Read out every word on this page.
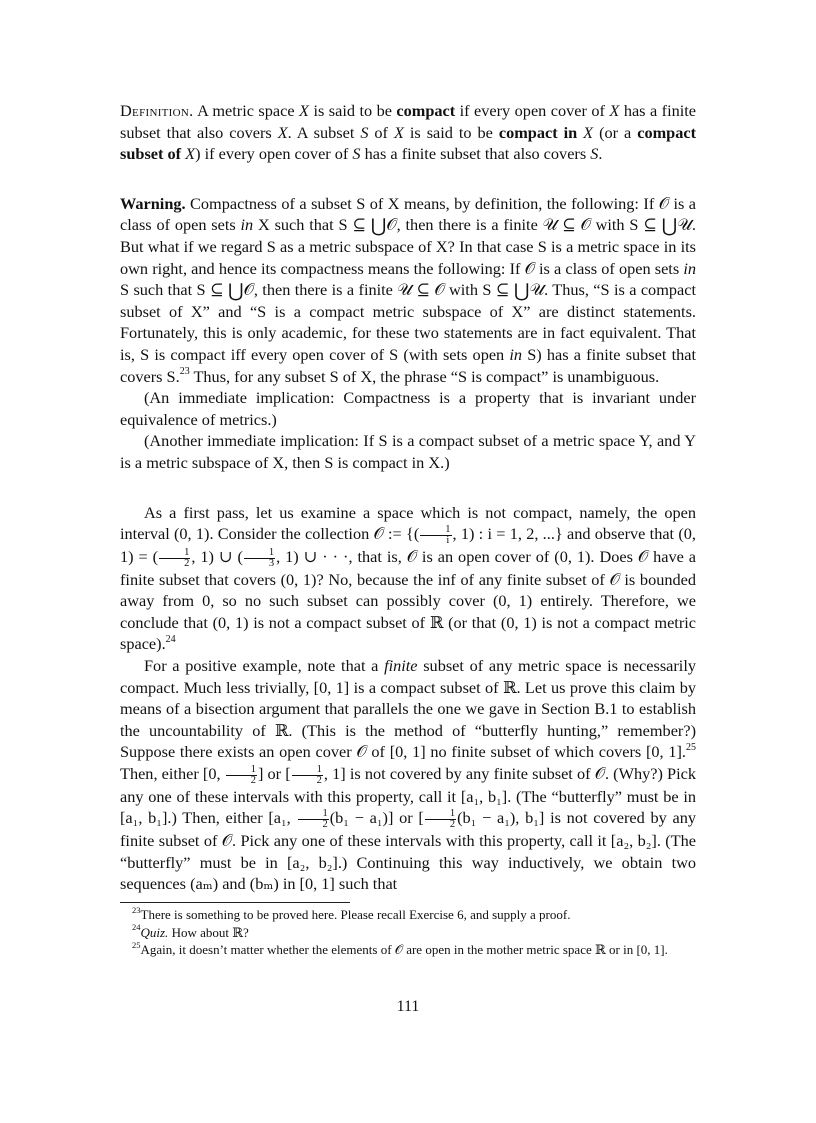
Definition. A metric space X is said to be compact if every open cover of X has a finite subset that also covers X. A subset S of X is said to be compact in X (or a compact subset of X) if every open cover of S has a finite subset that also covers S.

Warning. Compactness of a subset S of X means, by definition, the following: If 𝒪 is a class of open sets in X such that S ⊆ ⋃𝒪, then there is a finite 𝒰 ⊆ 𝒪 with S ⊆ ⋃𝒰. But what if we regard S as a metric subspace of X? In that case S is a metric space in its own right, and hence its compactness means the following: If 𝒪 is a class of open sets in S such that S ⊆ ⋃𝒪, then there is a finite 𝒰 ⊆ 𝒪 with S ⊆ ⋃𝒰. Thus, “S is a compact subset of X” and “S is a compact metric subspace of X” are distinct statements. Fortunately, this is only academic, for these two statements are in fact equivalent. That is, S is compact iff every open cover of S (with sets open in S) has a finite subset that covers S.$^{23}$ Thus, for any subset S of X, the phrase “S is compact” is unambiguous.

(An immediate implication: Compactness is a property that is invariant under equivalence of metrics.)

(Another immediate implication: If S is a compact subset of a metric space Y, and Y is a metric subspace of X, then S is compact in X.)

As a first pass, let us examine a space which is not compact, namely, the open interval (0, 1). Consider the collection 𝒪 := {( $\frac{1}{i}$ , 1) : i = 1, 2, ...} and observe that (0, 1) = ( $\frac{1}{2}$ , 1) ∪ ( $\frac{1}{3}$ , 1) ∪ · · ·, that is, 𝒪 is an open cover of (0, 1). Does 𝒪 have a finite subset that covers (0, 1)? No, because the inf of any finite subset of 𝒪 is bounded away from 0, so no such subset can possibly cover (0, 1) entirely. Therefore, we conclude that (0, 1) is not a compact subset of ℝ (or that (0, 1) is not a compact metric space).$^{24}$

For a positive example, note that a finite subset of any metric space is necessarily compact. Much less trivially, [0, 1] is a compact subset of ℝ. Let us prove this claim by means of a bisection argument that parallels the one we gave in Section B.1 to establish the uncountability of ℝ. (This is the method of “butterfly hunting,” remember?) Suppose there exists an open cover 𝒪 of [0, 1] no finite subset of which covers [0, 1].$^{25}$ Then, either [0, $\frac{1}{2}$ ] or [ $\frac{1}{2}$ , 1] is not covered by any finite subset of 𝒪. (Why?) Pick any one of these intervals with this property, call it [a₁, b₁]. (The “butterfly” must be in [a₁, b₁].) Then, either [a₁, $\frac{1}{2} (b_1 - a_1)$] or [ $\frac{1}{2} (b_1 - a_1)$, b₁] is not covered by any finite subset of 𝒪. Pick any one of these intervals with this property, call it [a₂, b₂]. (The “butterfly” must be in [a₂, b₂].) Continuing this way inductively, we obtain two sequences (aₘ) and (bₘ) in [0, 1] such that

$^{23}$There is something to be proved here. Please recall Exercise 6, and supply a proof.

$^{24}$Quiz. How about ℝ?

$^{25}$Again, it doesn’t matter whether the elements of 𝒪 are open in the mother metric space ℝ or in [0, 1].

111
